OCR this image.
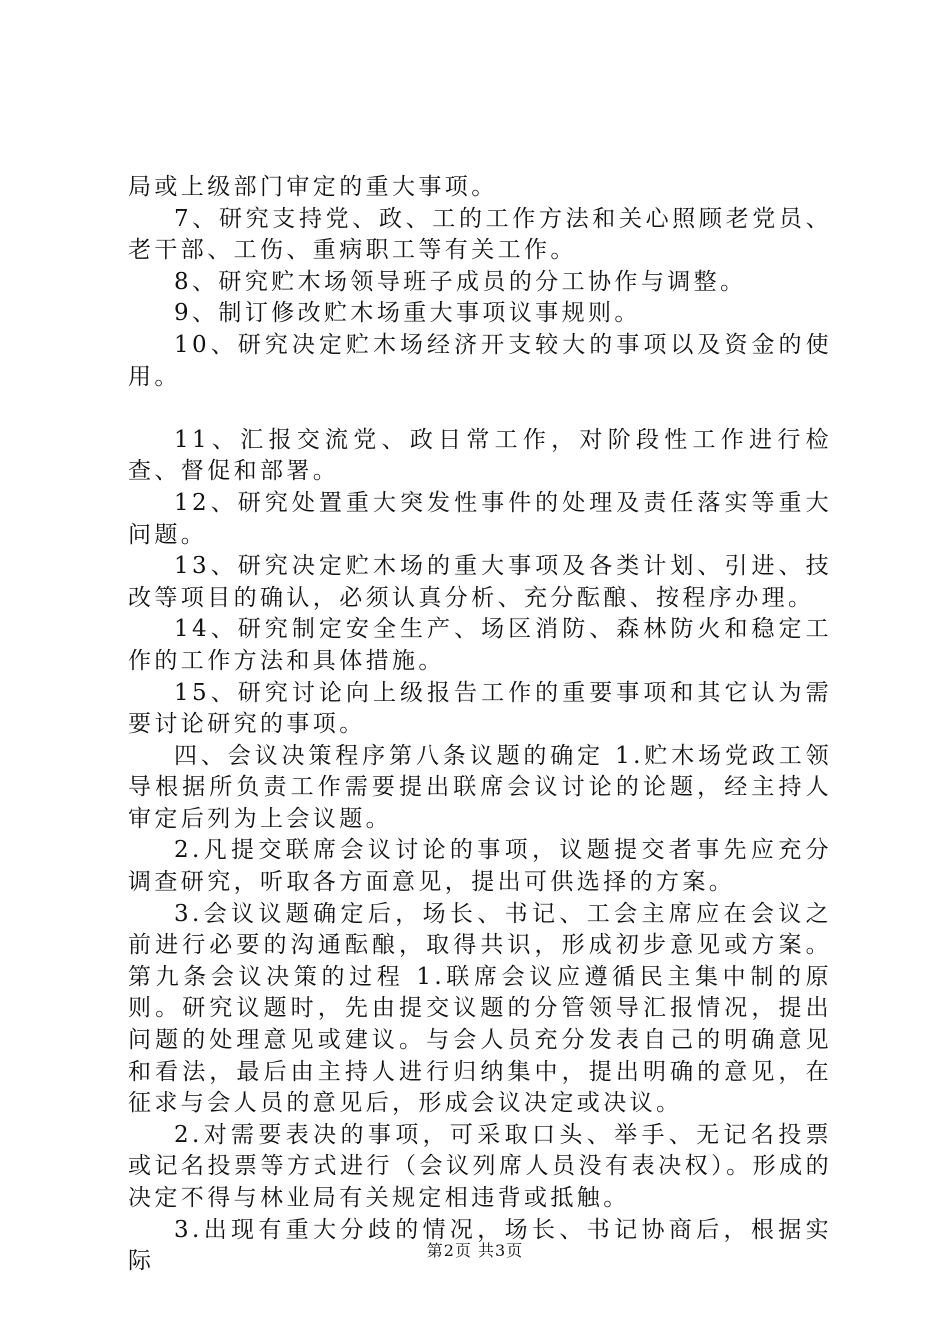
局或上级部门审定的重大事项。

7、研究支持党、政、工的工作方法和关心照顾老党员、老干部、工伤、重病职工等有关工作。

8、研究贮木场领导班子成员的分工协作与调整。

9、制订修改贮木场重大事项议事规则。

10、研究决定贮木场经济开支较大的事项以及资金的使用。

11、汇报交流党、政日常工作，对阶段性工作进行检查、督促和部署。

12、研究处置重大突发性事件的处理及责任落实等重大问题。

13、研究决定贮木场的重大事项及各类计划、引进、技改等项目的确认，必须认真分析、充分酝酿、按程序办理。

14、研究制定安全生产、场区消防、森林防火和稳定工作的工作方法和具体措施。

15、研究讨论向上级报告工作的重要事项和其它认为需要讨论研究的事项。

四、会议决策程序第八条议题的确定 1.贮木场党政工领导根据所负责工作需要提出联席会议讨论的论题，经主持人审定后列为上会议题。

2.凡提交联席会议讨论的事项，议题提交者事先应充分调查研究，听取各方面意见，提出可供选择的方案。

3.会议议题确定后，场长、书记、工会主席应在会议之前进行必要的沟通酝酿，取得共识，形成初步意见或方案。第九条会议决策的过程 1.联席会议应遵循民主集中制的原则。研究议题时，先由提交议题的分管领导汇报情况，提出问题的处理意见或建议。与会人员充分发表自己的明确意见和看法，最后由主持人进行归纳集中，提出明确的意见，在征求与会人员的意见后，形成会议决定或决议。

2.对需要表决的事项，可采取口头、举手、无记名投票或记名投票等方式进行（会议列席人员没有表决权）。形成的决定不得与林业局有关规定相违背或抵触。

3.出现有重大分歧的情况，场长、书记协商后，根据实际	第2页 共3页
